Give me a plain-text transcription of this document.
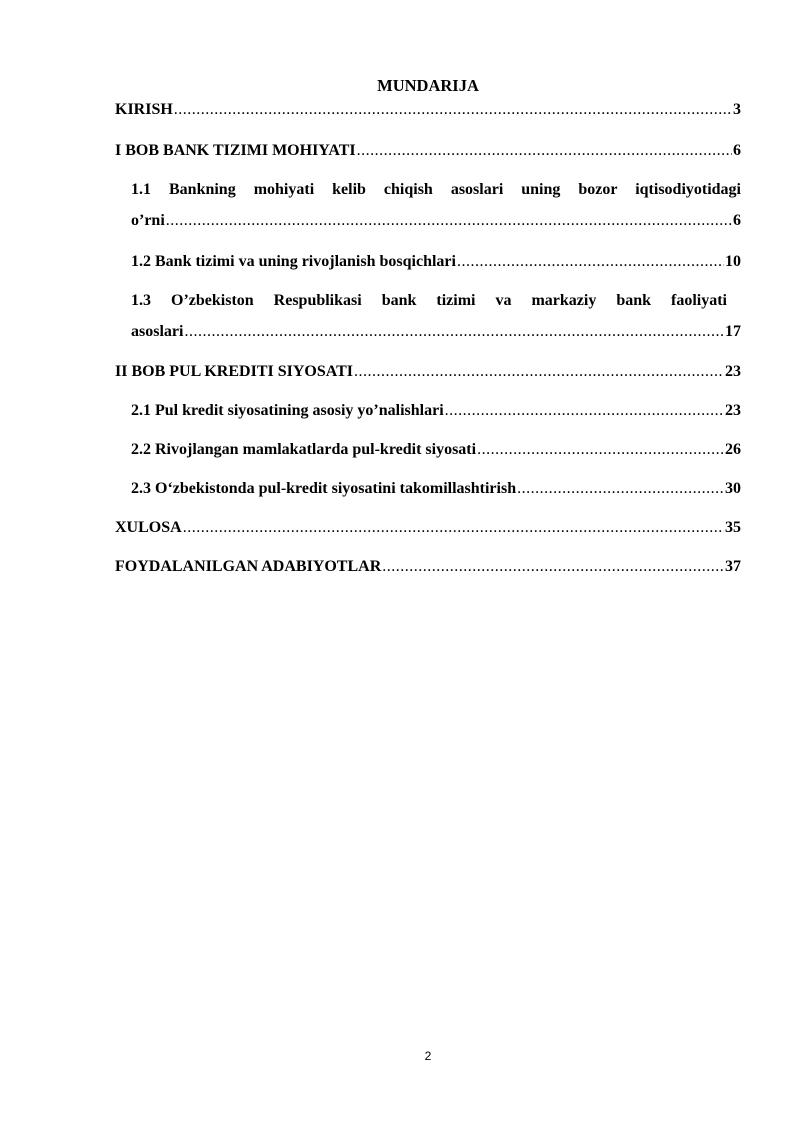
MUNDARIJA
KIRISH .....	3
I BOB BANK TIZIMI MOHIYATI .....	6
1.1 Bankning mohiyati kelib chiqish asoslari uning bozor iqtisodiyotidagi
o’rni .....	6
1.2 Bank tizimi va uning rivojlanish bosqichlari .....	10
1.3 O’zbekiston Respublikasi bank tizimi va markaziy bank faoliyati
asoslari .....	17
II BOB PUL KREDITI SIYOSATI .....	23
2.1 Pul kredit siyosatining asosiy yo’nalishlari .....	23
2.2 Rivojlangan mamlakatlarda pul-kredit siyosati .....	26
2.3 O‘zbekistonda pul-kredit siyosatini takomillashtirish .....	30
XULOSA .....	35
FOYDALANILGAN ADABIYOTLAR .....	37
2
